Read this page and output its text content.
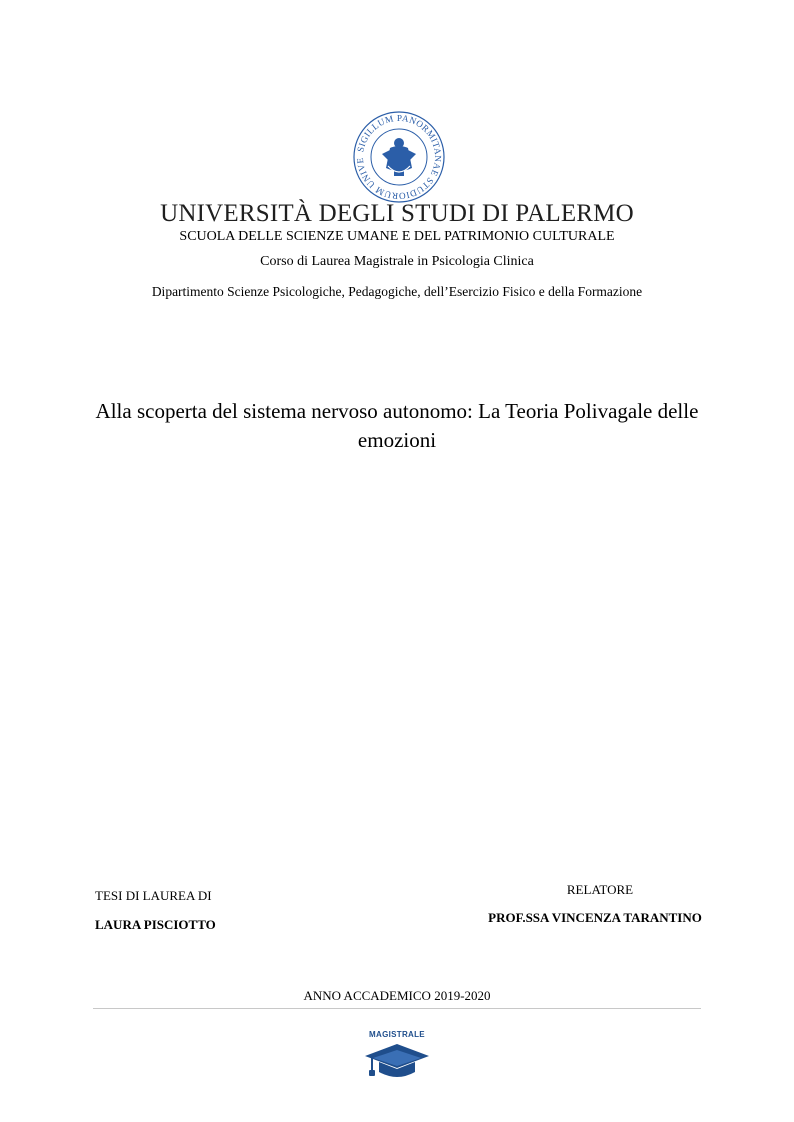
SIGILLUM PANORMITANAE STUDIORUM UNIVE
UNIVERSITÀ DEGLI STUDI DI PALERMO
SCUOLA DELLE SCIENZE UMANE E DEL PATRIMONIO CULTURALE
Corso di Laurea Magistrale in Psicologia Clinica
Dipartimento Scienze Psicologiche, Pedagogiche, dell’Esercizio Fisico e della Formazione
Alla scoperta del sistema nervoso autonomo: La Teoria Polivagale delle emozioni
TESI DI LAUREA DI
LAURA PISCIOTTO
RELATORE
PROF.SSA VINCENZA TARANTINO
ANNO ACCADEMICO 2019-2020
MAGISTRALE
